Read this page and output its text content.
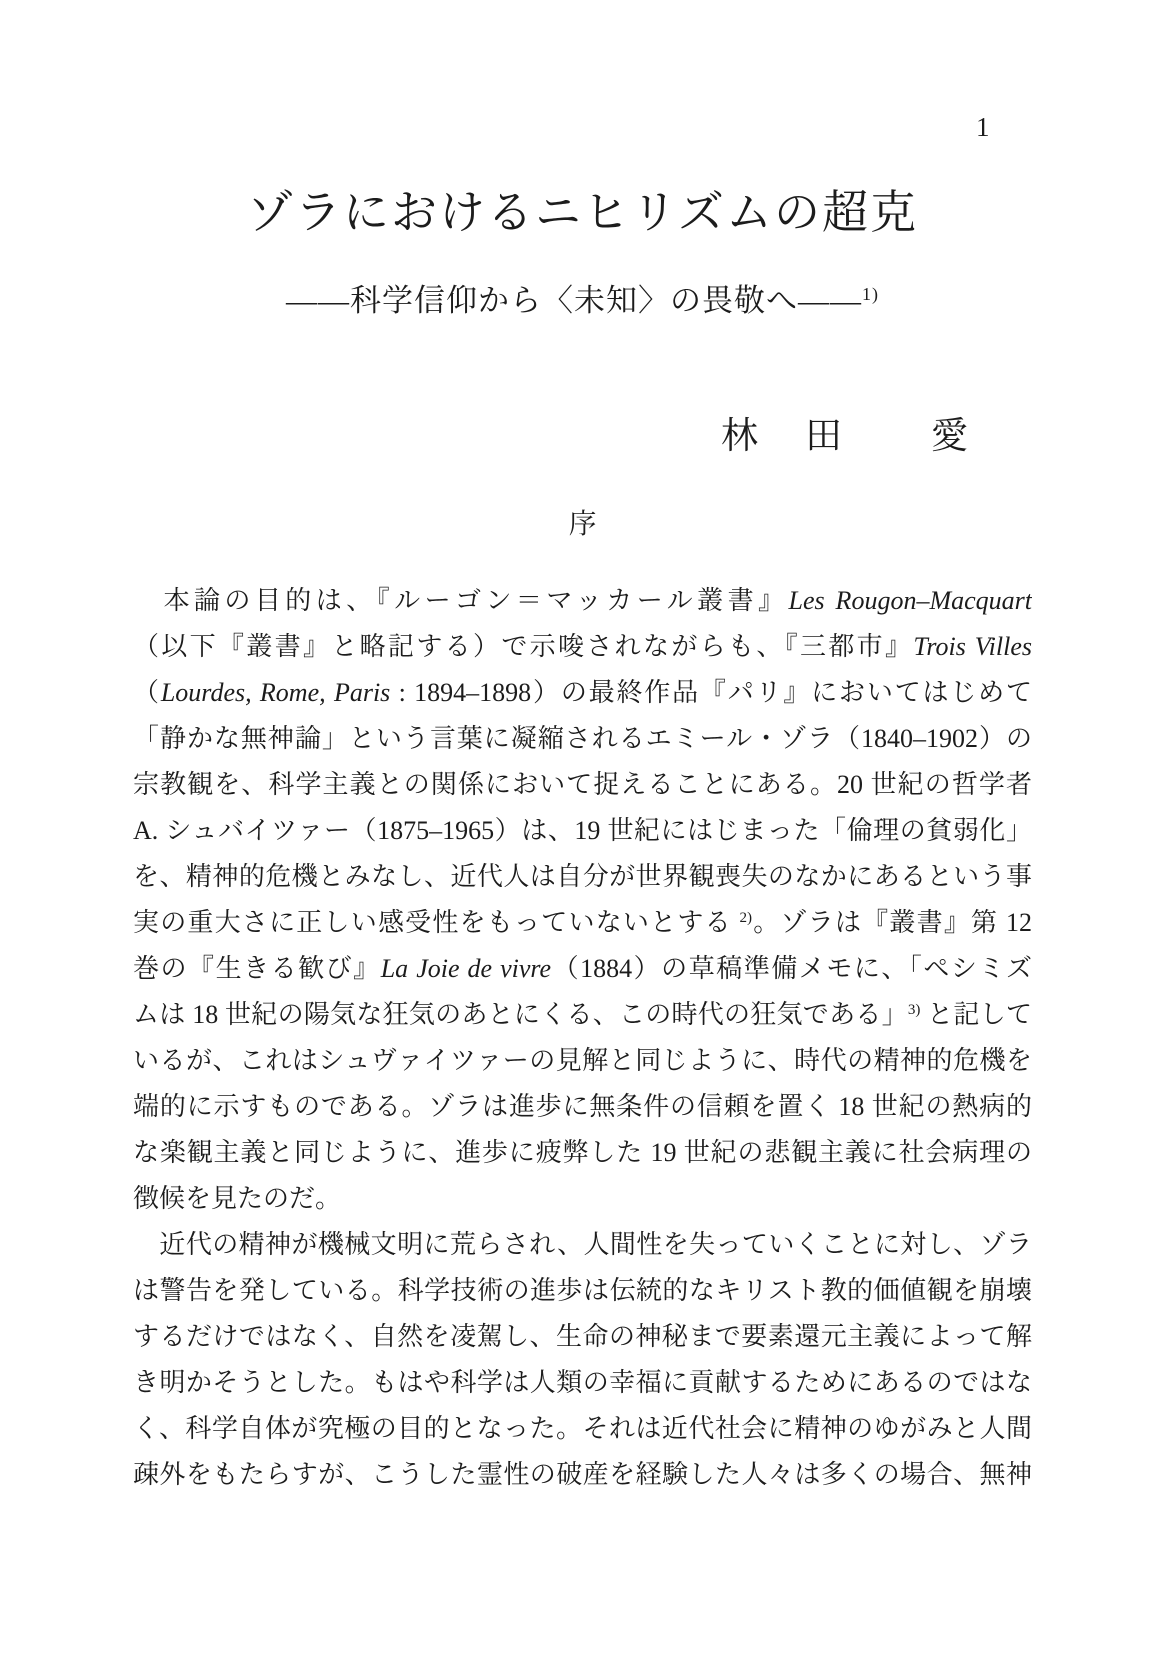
1
ゾラにおけるニヒリズムの超克
——科学信仰から〈未知〉の畏敬へ——$^{1)}$
林　田　　愛
序
　本論の目的は、『ルーゴン＝マッカール叢書』Les Rougon–Macquart
（以下『叢書』と略記する）で示唆されながらも、『三都市』Trois Villes
（Lourdes, Rome, Paris : 1894–1898）の最終作品『パリ』においてはじめて
「静かな無神論」という言葉に凝縮されるエミール・ゾラ（1840–1902）の
宗教観を、科学主義との関係において捉えることにある。20 世紀の哲学者
A. シュバイツァー（1875–1965）は、19 世紀にはじまった「倫理の貧弱化」
を、精神的危機とみなし、近代人は自分が世界観喪失のなかにあるという事
実の重大さに正しい感受性をもっていないとする $^{2)}$。ゾラは『叢書』第 12
巻の『生きる歓び』La Joie de vivre（1884）の草稿準備メモに、「ペシミズ
ムは 18 世紀の陽気な狂気のあとにくる、この時代の狂気である」$^{3)}$ と記して
いるが、これはシュヴァイツァーの見解と同じように、時代の精神的危機を
端的に示すものである。ゾラは進歩に無条件の信頼を置く 18 世紀の熱病的
な楽観主義と同じように、進歩に疲弊した 19 世紀の悲観主義に社会病理の
徴候を見たのだ。
　近代の精神が機械文明に荒らされ、人間性を失っていくことに対し、ゾラ
は警告を発している。科学技術の進歩は伝統的なキリスト教的価値観を崩壊
するだけではなく、自然を凌駕し、生命の神秘まで要素還元主義によって解
き明かそうとした。もはや科学は人類の幸福に貢献するためにあるのではな
く、科学自体が究極の目的となった。それは近代社会に精神のゆがみと人間
疎外をもたらすが、こうした霊性の破産を経験した人々は多くの場合、無神
